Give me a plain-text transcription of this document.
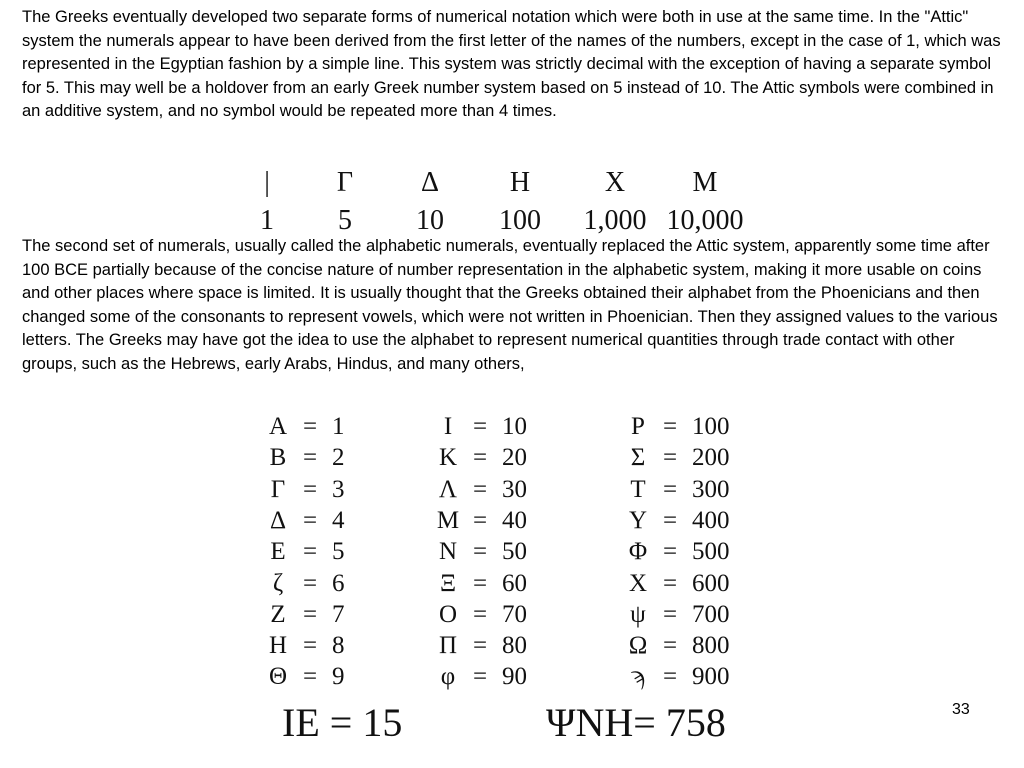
The Greeks eventually developed two separate forms of numerical notation which were both in use at the same time. In the "Attic" system the numerals appear to have been derived from the first letter of the names of the numbers, except in the case of 1, which was represented in the Egyptian fashion by a simple line. This system was strictly decimal with the exception of having a separate symbol for 5. This may well be a holdover from an early Greek number system based on 5 instead of 10. The Attic symbols were combined in an additive system, and no symbol would be repeated more than 4 times.

|
1
Γ
5
Δ
10
H
100
X
1,000
M
10,000

The second set of numerals, usually called the alphabetic numerals, eventually replaced the Attic system, apparently some time after 100 BCE partially because of the concise nature of number representation in the alphabetic system, making it more usable on coins and other places where space is limited. It is usually thought that the Greeks obtained their alphabet from the Phoenicians and then changed some of the consonants to represent vowels, which were not written in Phoenician. Then they assigned values to the various letters. The Greeks may have got the idea to use the alphabet to represent numerical quantities through trade contact with other groups, such as the Hebrews, early Arabs, Hindus, and many others,

A = 1
B = 2
Γ = 3
Δ = 4
E = 5
ζ = 6
Z = 7
H = 8
Θ = 9
I = 10
K = 20
Λ = 30
M = 40
N = 50
Ξ = 60
O = 70
Π = 80
φ = 90
P = 100
Σ = 200
T = 300
Υ = 400
Φ = 500
X = 600
ψ = 700
Ω = 800
ϡ = 900
IE = 15	ΨNH= 758	33
